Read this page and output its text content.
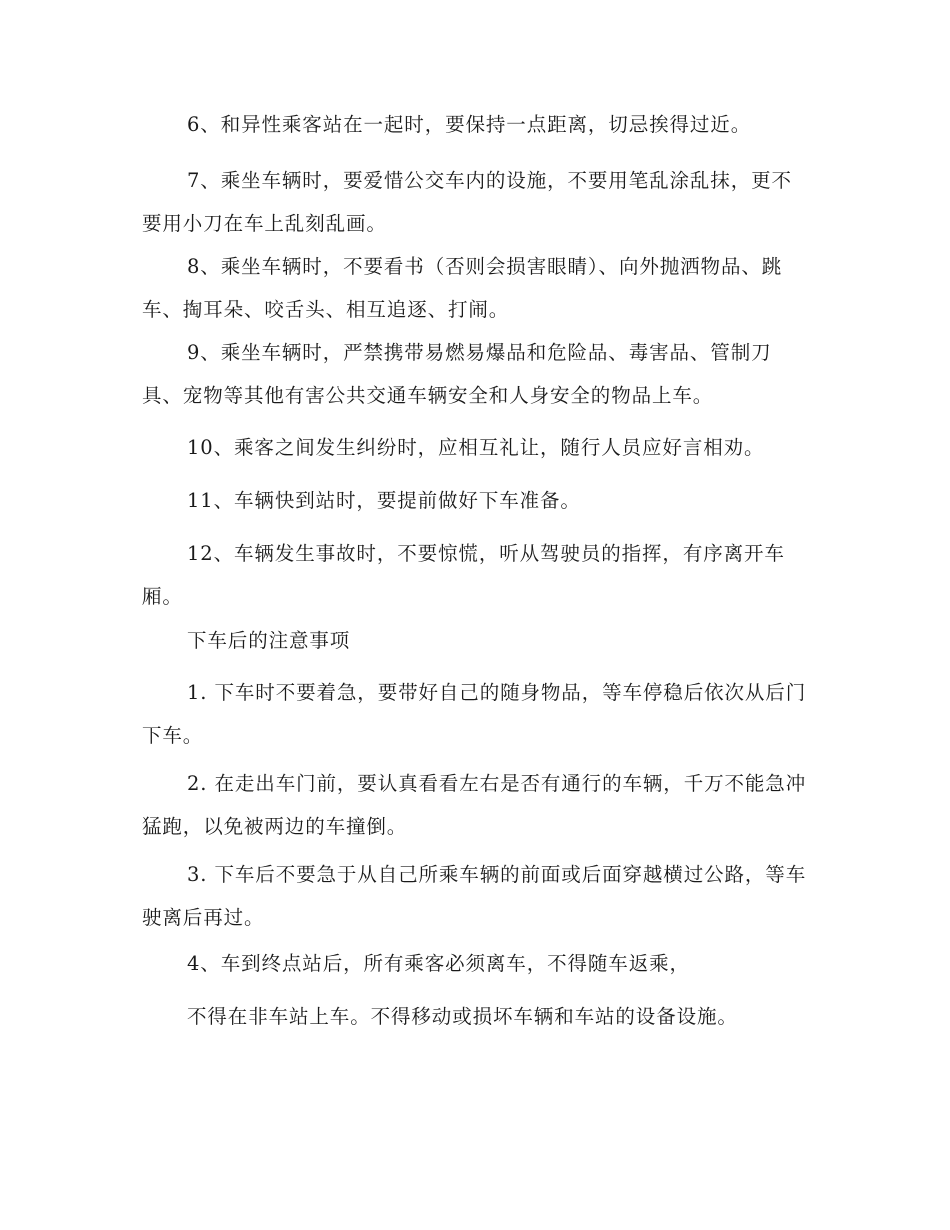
6、和异性乘客站在一起时，要保持一点距离，切忌挨得过近。

7、乘坐车辆时，要爱惜公交车内的设施，不要用笔乱涂乱抹，更不要用小刀在车上乱刻乱画。

8、乘坐车辆时，不要看书（否则会损害眼睛）、向外抛洒物品、跳车、掏耳朵、咬舌头、相互追逐、打闹。

9、乘坐车辆时，严禁携带易燃易爆品和危险品、毒害品、管制刀具、宠物等其他有害公共交通车辆安全和人身安全的物品上车。

10、乘客之间发生纠纷时，应相互礼让，随行人员应好言相劝。

11、车辆快到站时，要提前做好下车准备。

12、车辆发生事故时，不要惊慌，听从驾驶员的指挥，有序离开车厢。

下车后的注意事项

1. 下车时不要着急，要带好自己的随身物品，等车停稳后依次从后门下车。

2. 在走出车门前，要认真看看左右是否有通行的车辆，千万不能急冲猛跑，以免被两边的车撞倒。

3. 下车后不要急于从自己所乘车辆的前面或后面穿越横过公路，等车驶离后再过。

4、车到终点站后，所有乘客必须离车，不得随车返乘，

不得在非车站上车。不得移动或损坏车辆和车站的设备设施。
